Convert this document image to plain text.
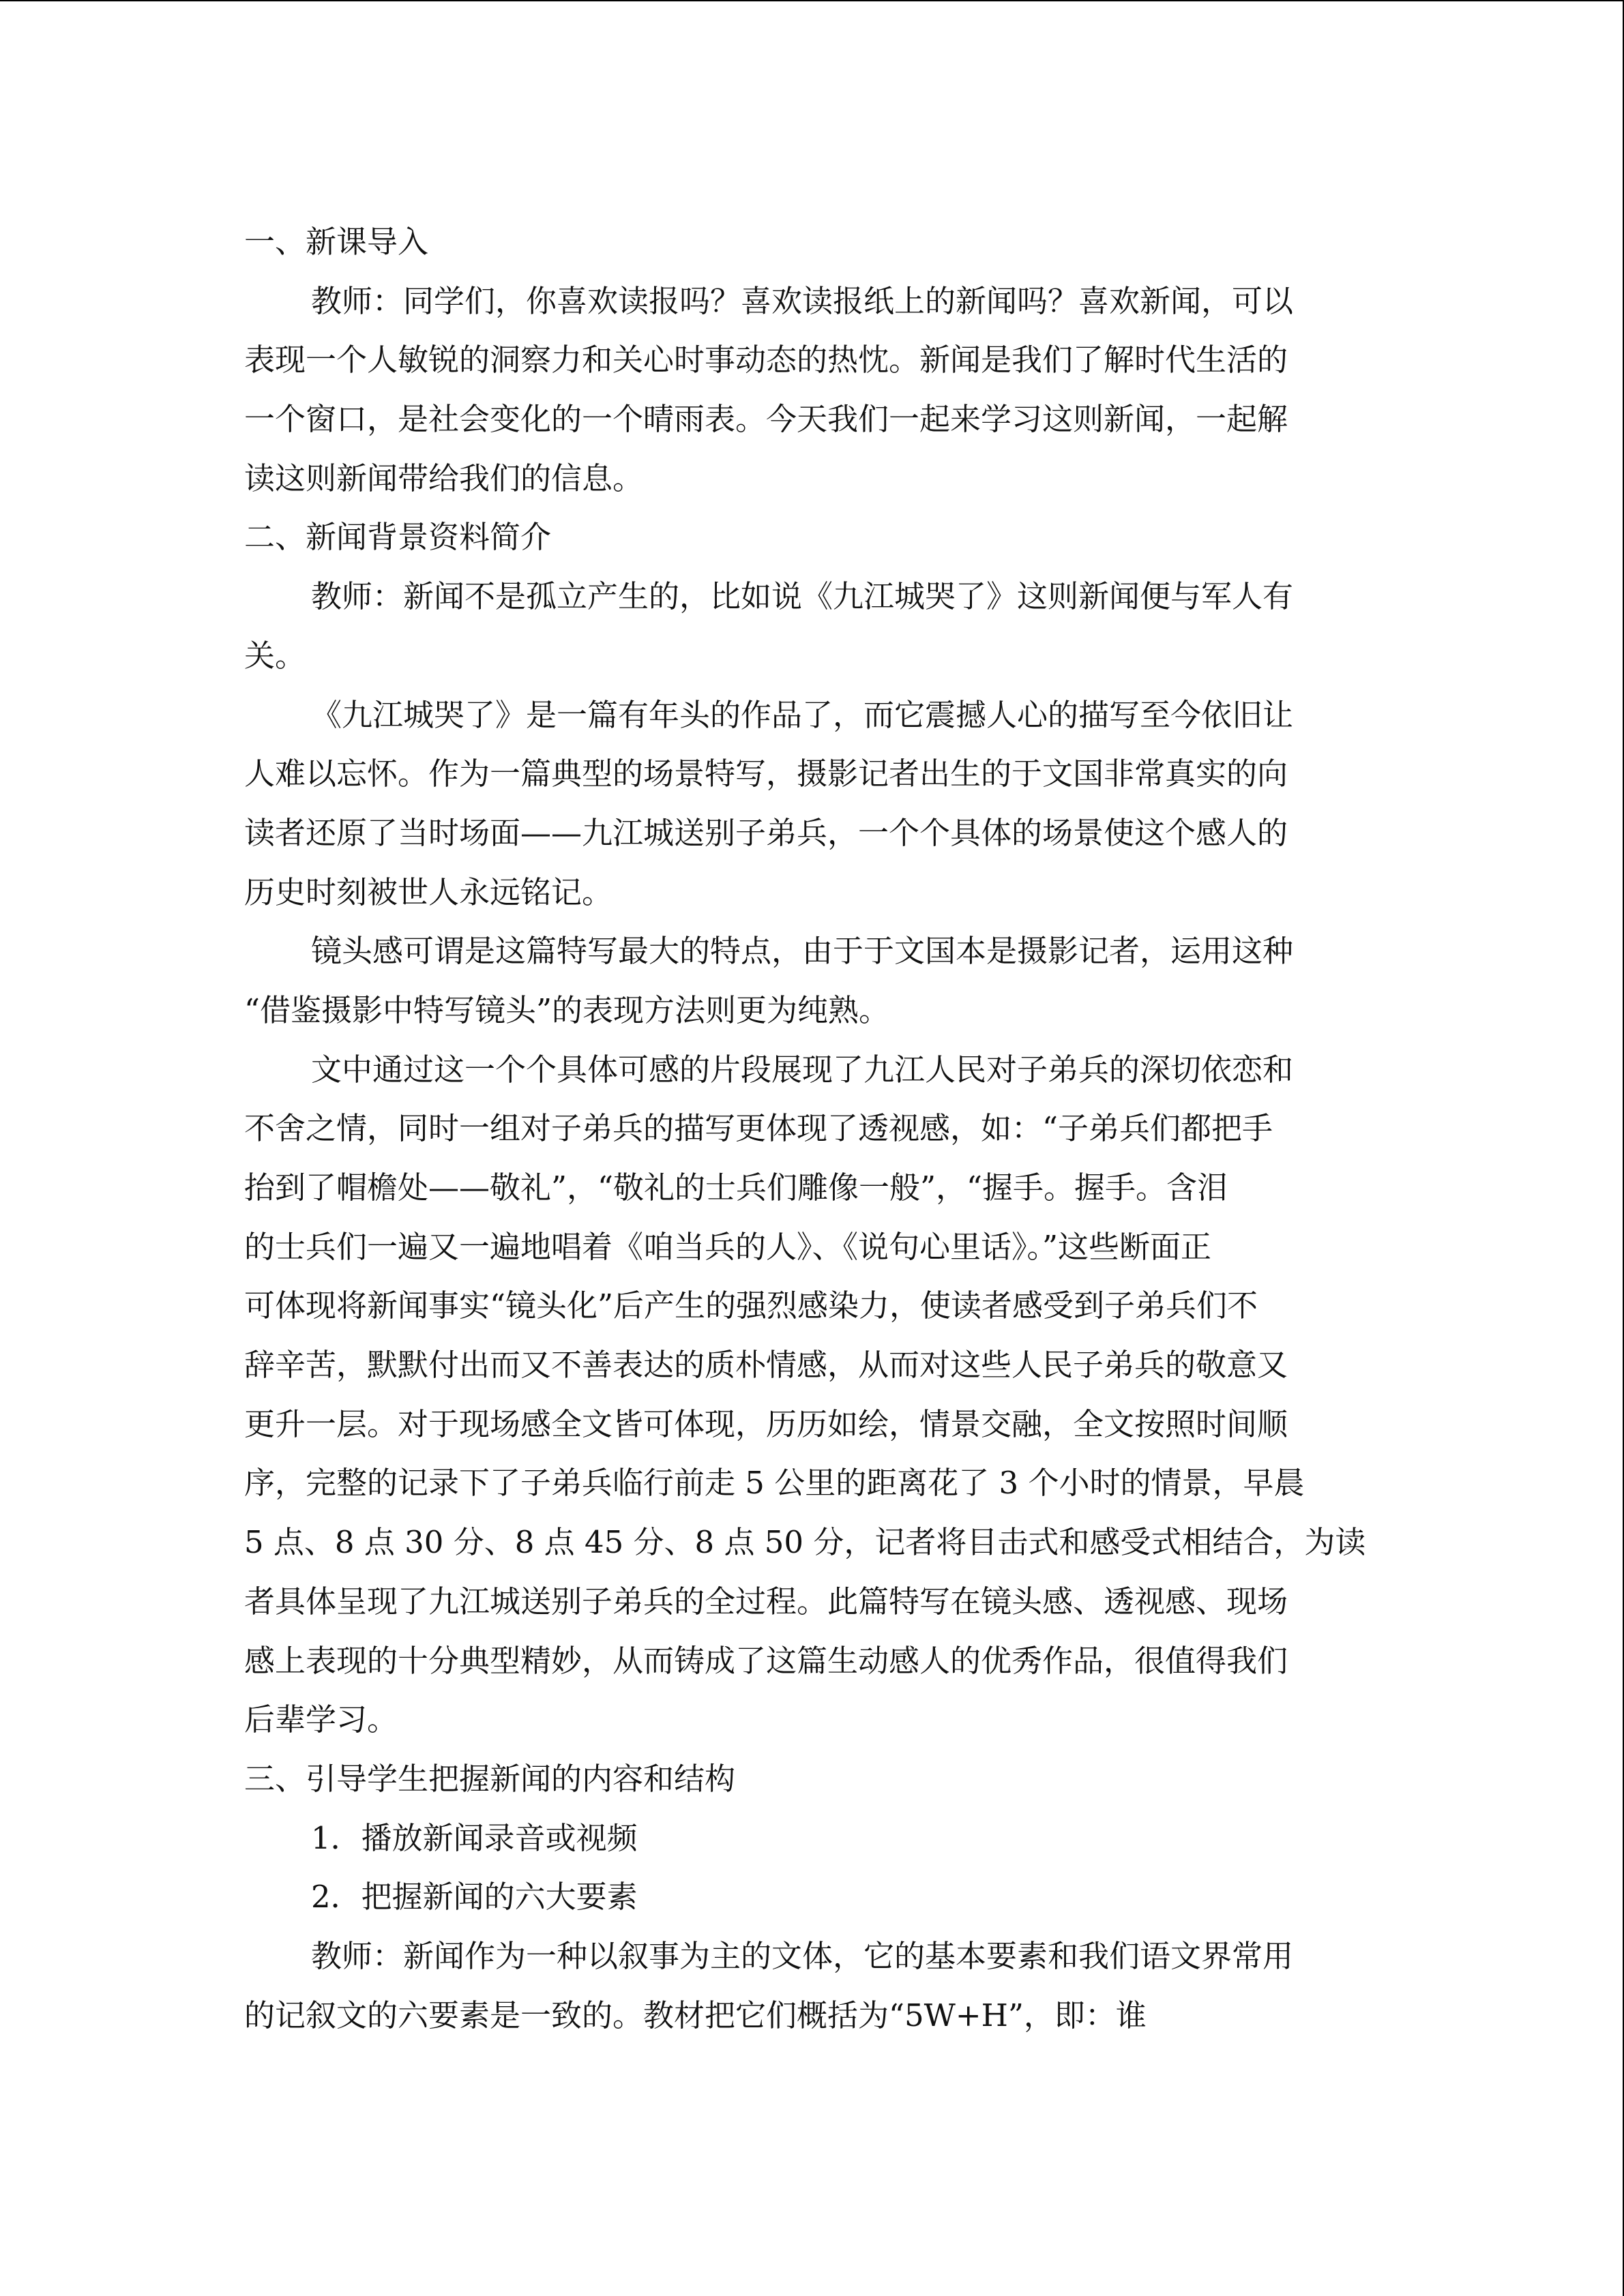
一、新课导入
教师：同学们，你喜欢读报吗？喜欢读报纸上的新闻吗？喜欢新闻，可以
表现一个人敏锐的洞察力和关心时事动态的热忱。新闻是我们了解时代生活的
一个窗口，是社会变化的一个晴雨表。今天我们一起来学习这则新闻，一起解
读这则新闻带给我们的信息。
二、新闻背景资料简介
教师：新闻不是孤立产生的，比如说《九江城哭了》这则新闻便与军人有
关。
《九江城哭了》是一篇有年头的作品了，而它震撼人心的描写至今依旧让
人难以忘怀。作为一篇典型的场景特写，摄影记者出生的于文国非常真实的向
读者还原了当时场面——九江城送别子弟兵，一个个具体的场景使这个感人的
历史时刻被世人永远铭记。
镜头感可谓是这篇特写最大的特点，由于于文国本是摄影记者，运用这种
“借鉴摄影中特写镜头”的表现方法则更为纯熟。
文中通过这一个个具体可感的片段展现了九江人民对子弟兵的深切依恋和
不舍之情，同时一组对子弟兵的描写更体现了透视感，如：“子弟兵们都把手
抬到了帽檐处——敬礼”，“敬礼的士兵们雕像一般”，“握手。握手。含泪
的士兵们一遍又一遍地唱着《咱当兵的人》、《说句心里话》。”这些断面正
可体现将新闻事实“镜头化”后产生的强烈感染力，使读者感受到子弟兵们不
辞辛苦，默默付出而又不善表达的质朴情感，从而对这些人民子弟兵的敬意又
更升一层。对于现场感全文皆可体现，历历如绘，情景交融，全文按照时间顺
序，完整的记录下了子弟兵临行前走 5 公里的距离花了 3 个小时的情景，早晨
5 点、8 点 30 分、8 点 45 分、8 点 50 分，记者将目击式和感受式相结合，为读
者具体呈现了九江城送别子弟兵的全过程。此篇特写在镜头感、透视感、现场
感上表现的十分典型精妙，从而铸成了这篇生动感人的优秀作品，很值得我们
后辈学习。
三、引导学生把握新闻的内容和结构
1．播放新闻录音或视频
2．把握新闻的六大要素
教师：新闻作为一种以叙事为主的文体，它的基本要素和我们语文界常用
的记叙文的六要素是一致的。教材把它们概括为“5W+H”，即：谁
